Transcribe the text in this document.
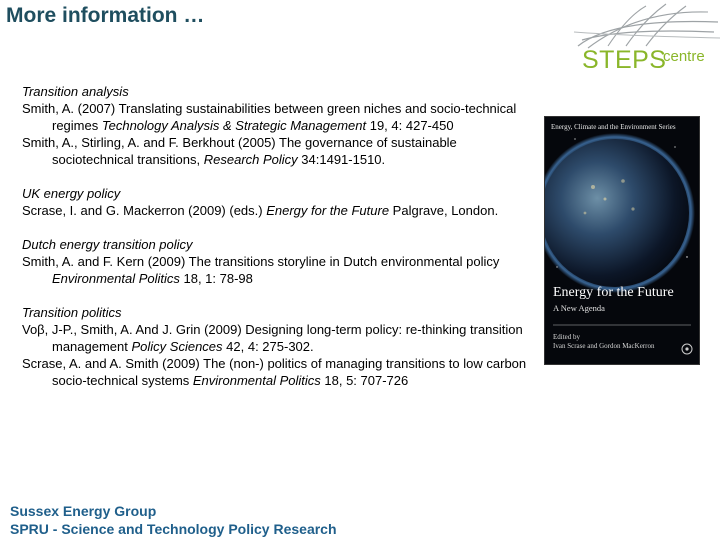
More information …
STEPS
centre
Transition analysis
Smith, A. (2007) Translating sustainabilities between green niches and socio-technical regimes Technology Analysis & Strategic Management 19, 4: 427-450
Smith, A., Stirling, A. and F. Berkhout (2005) The governance of sustainable sociotechnical transitions, Research Policy 34:1491-1510.
UK energy policy
Scrase, I. and G. Mackerron (2009) (eds.) Energy for the Future Palgrave, London.
Dutch energy transition policy
Smith, A. and F. Kern (2009) The transitions storyline in Dutch environmental policy Environmental Politics 18, 1: 78-98
Transition politics
Voβ, J-P., Smith, A. And J. Grin (2009) Designing long-term policy: re-thinking transition management Policy Sciences 42, 4: 275-302.
Scrase, A. and A. Smith (2009) The (non-) politics of managing transitions to low carbon socio-technical systems Environmental Politics 18, 5: 707-726
Energy, Climate and the Environment Series
Energy for the Future
A New Agenda
Edited by
Ivan Scrase and Gordon MacKerron
Sussex Energy Group
SPRU - Science and Technology Policy Research
